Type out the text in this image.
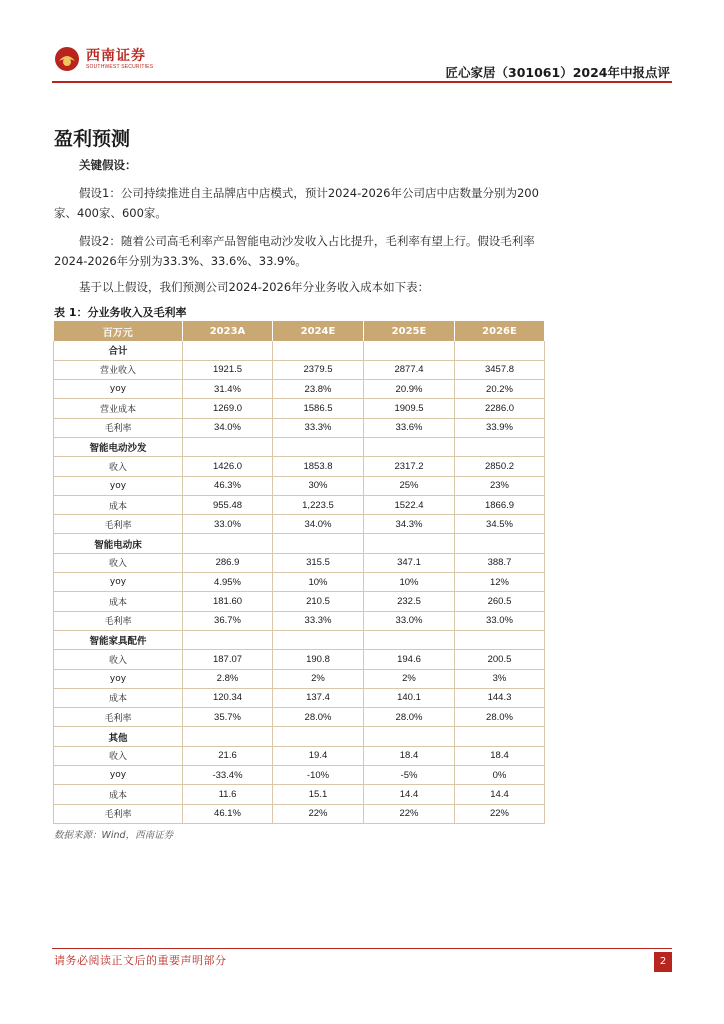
西南证券
SOUTHWEST SECURITIES	匠心家居（301061）2024年中报点评
盈利预测
关键假设：
假设1：公司持续推进自主品牌店中店模式，预计2024-2026年公司店中店数量分别为200家、400家、600家。
假设2：随着公司高毛利率产品智能电动沙发收入占比提升，毛利率有望上行。假设毛利率2024-2026年分别为33.3%、33.6%、33.9%。
基于以上假设，我们预测公司2024-2026年分业务收入成本如下表：
表 1：分业务收入及毛利率
百万元	2023A	2024E	2025E	2026E
合计				
营业收入	1921.5	2379.5	2877.4	3457.8
yoy	31.4%	23.8%	20.9%	20.2%
营业成本	1269.0	1586.5	1909.5	2286.0
毛利率	34.0%	33.3%	33.6%	33.9%
智能电动沙发				
收入	1426.0	1853.8	2317.2	2850.2
yoy	46.3%	30%	25%	23%
成本	955.48	1,223.5	1522.4	1866.9
毛利率	33.0%	34.0%	34.3%	34.5%
智能电动床				
收入	286.9	315.5	347.1	388.7
yoy	4.95%	10%	10%	12%
成本	181.60	210.5	232.5	260.5
毛利率	36.7%	33.3%	33.0%	33.0%
智能家具配件				
收入	187.07	190.8	194.6	200.5
yoy	2.8%	2%	2%	3%
成本	120.34	137.4	140.1	144.3
毛利率	35.7%	28.0%	28.0%	28.0%
其他				
收入	21.6	19.4	18.4	18.4
yoy	-33.4%	-10%	-5%	0%
成本	11.6	15.1	14.4	14.4
毛利率	46.1%	22%	22%	22%
数据来源：Wind，西南证券
请务必阅读正文后的重要声明部分	2
